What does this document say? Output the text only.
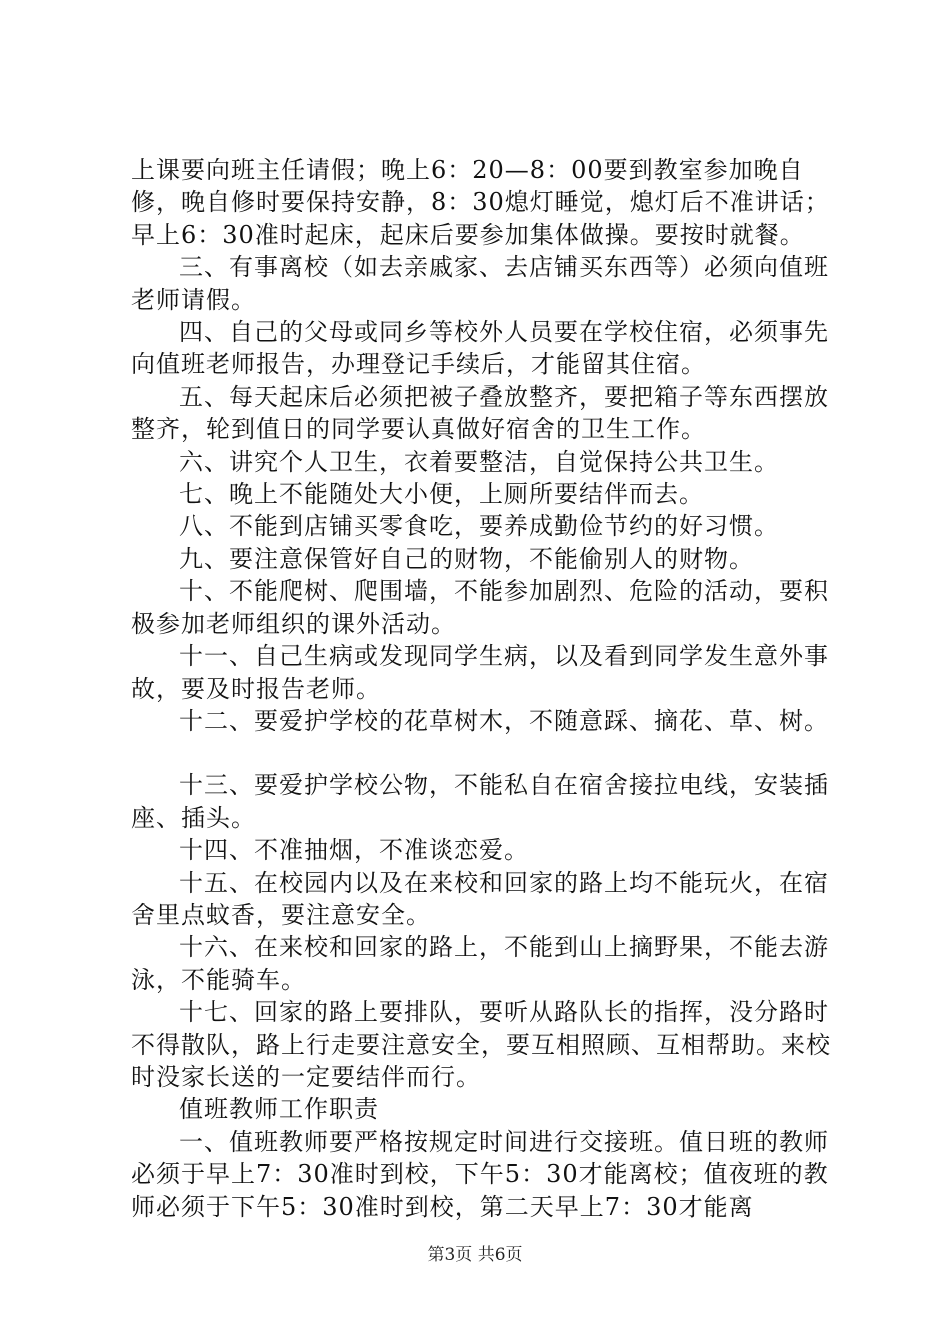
上课要向班主任请假；晚上6：20—8：00要到教室参加晚自修，晚自修时要保持安静，8：30熄灯睡觉，熄灯后不准讲话；早上6：30准时起床，起床后要参加集体做操。要按时就餐。

三、有事离校（如去亲戚家、去店铺买东西等）必须向值班老师请假。

四、自己的父母或同乡等校外人员要在学校住宿，必须事先向值班老师报告，办理登记手续后，才能留其住宿。

五、每天起床后必须把被子叠放整齐，要把箱子等东西摆放整齐，轮到值日的同学要认真做好宿舍的卫生工作。

六、讲究个人卫生，衣着要整洁，自觉保持公共卫生。

七、晚上不能随处大小便，上厕所要结伴而去。

八、不能到店铺买零食吃，要养成勤俭节约的好习惯。

九、要注意保管好自己的财物，不能偷别人的财物。

十、不能爬树、爬围墙，不能参加剧烈、危险的活动，要积极参加老师组织的课外活动。

十一、自己生病或发现同学生病，以及看到同学发生意外事故，要及时报告老师。

十二、要爱护学校的花草树木，不随意踩、摘花、草、树。

十三、要爱护学校公物，不能私自在宿舍接拉电线，安装插座、插头。

十四、不准抽烟，不准谈恋爱。

十五、在校园内以及在来校和回家的路上均不能玩火，在宿舍里点蚊香，要注意安全。

十六、在来校和回家的路上，不能到山上摘野果，不能去游泳，不能骑车。

十七、回家的路上要排队，要听从路队长的指挥，没分路时不得散队，路上行走要注意安全，要互相照顾、互相帮助。来校时没家长送的一定要结伴而行。

值班教师工作职责

一、值班教师要严格按规定时间进行交接班。值日班的教师必须于早上7：30准时到校，下午5：30才能离校；值夜班的教师必须于下午5：30准时到校，第二天早上7：30才能离

第3页 共6页
